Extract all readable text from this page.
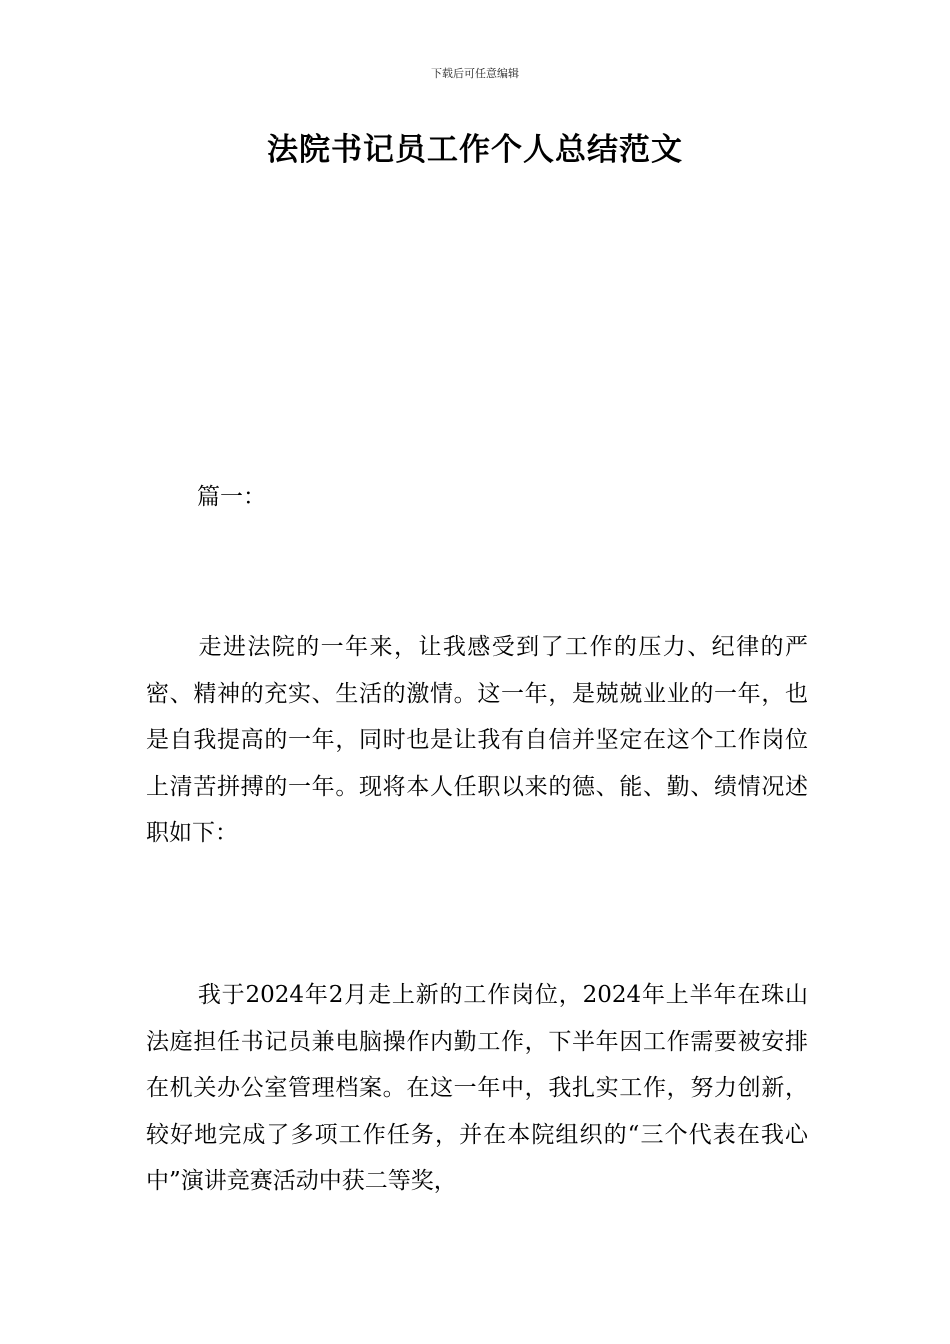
下载后可任意编辑
法院书记员工作个人总结范文

篇一：

走进法院的一年来，让我感受到了工作的压力、纪律的严密、精神的充实、生活的激情。这一年，是兢兢业业的一年，也是自我提高的一年，同时也是让我有自信并坚定在这个工作岗位上清苦拼搏的一年。现将本人任职以来的德、能、勤、绩情况述职如下：

我于2024年2月走上新的工作岗位，2024年上半年在珠山法庭担任书记员兼电脑操作内勤工作，下半年因工作需要被安排在机关办公室管理档案。在这一年中，我扎实工作，努力创新，较好地完成了多项工作任务，并在本院组织的“三个代表在我心中”演讲竞赛活动中获二等奖，
